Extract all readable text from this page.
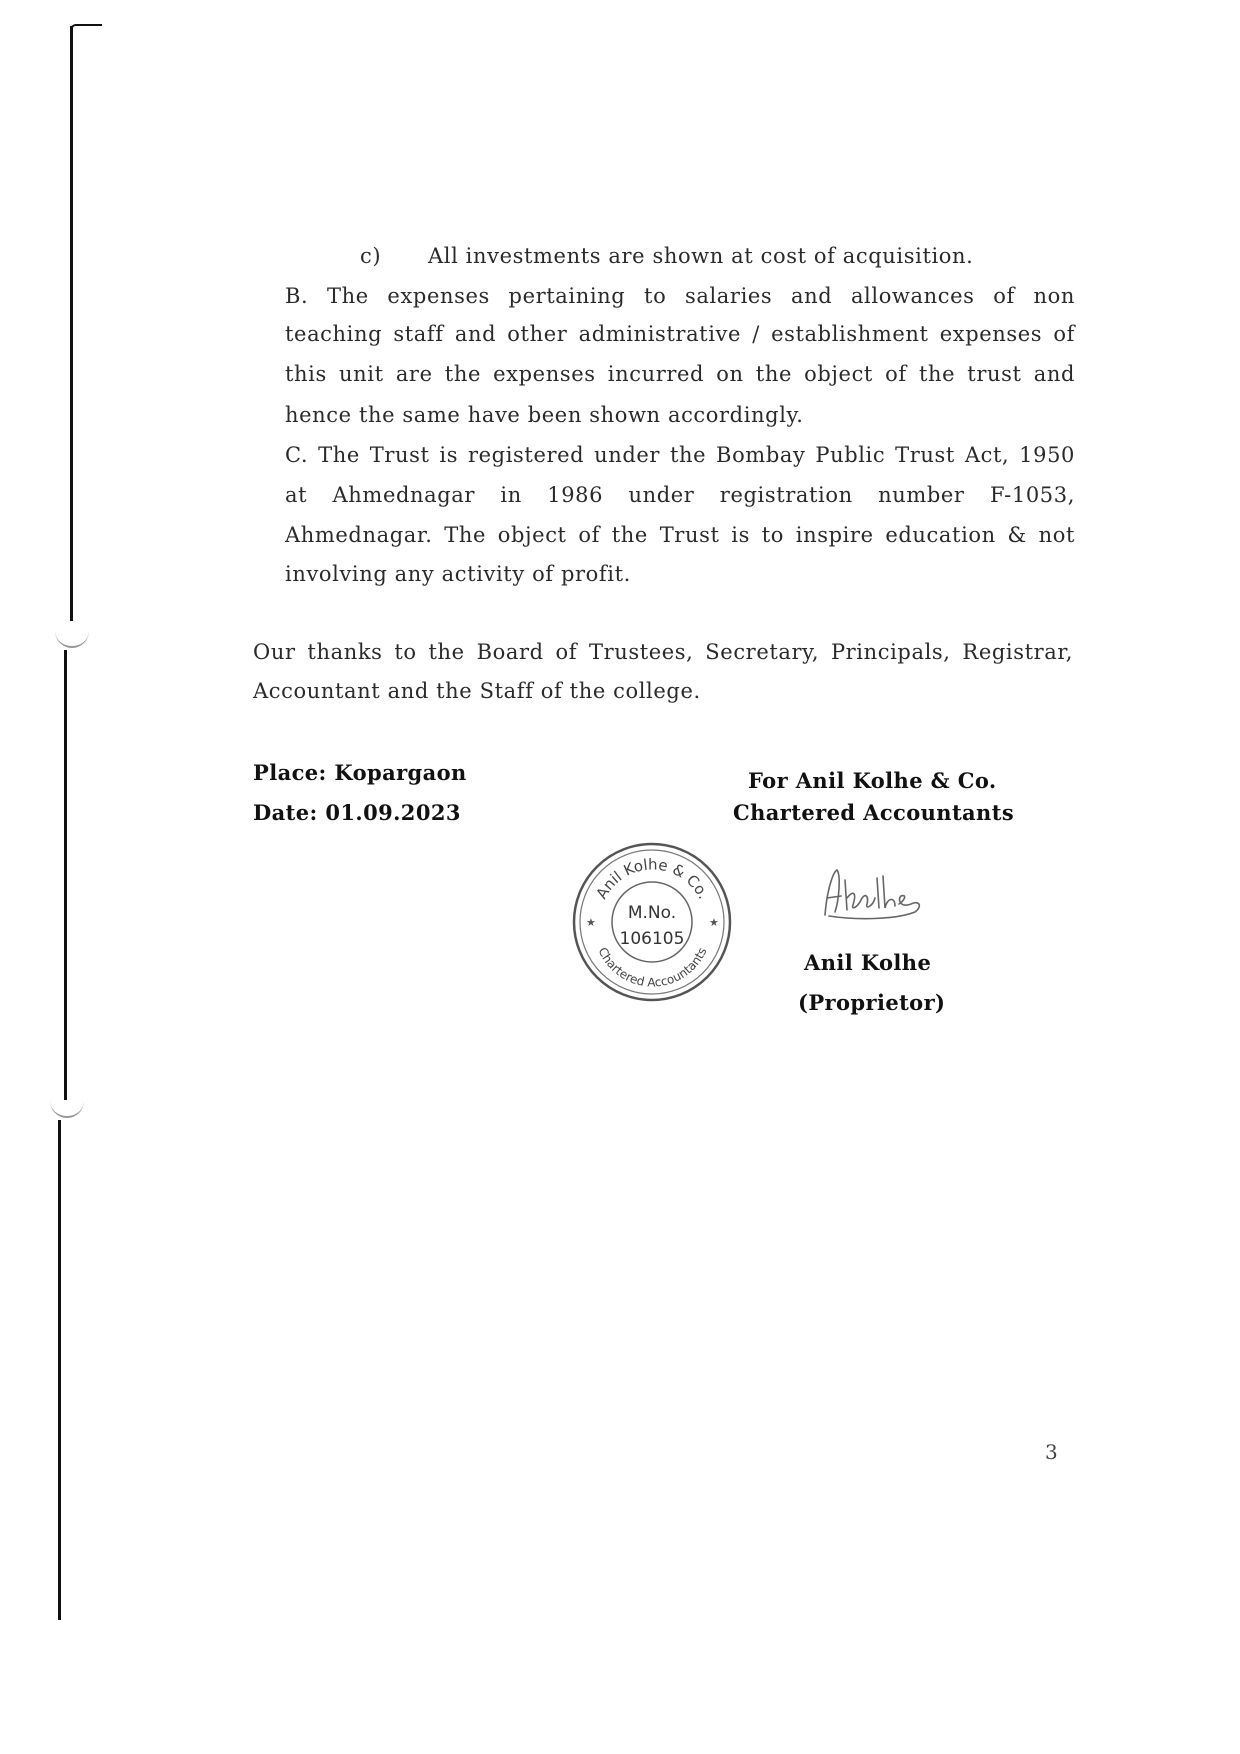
c) All investments are shown at cost of acquisition.
B. The expenses pertaining to salaries and allowances of non
teaching staff and other administrative / establishment expenses of
this unit are the expenses incurred on the object of the trust and
hence the same have been shown accordingly.
C. The Trust is registered under the Bombay Public Trust Act, 1950
at Ahmednagar in 1986 under registration number F-1053,
Ahmednagar. The object of the Trust is to inspire education & not
involving any activity of profit.
Our thanks to the Board of Trustees, Secretary, Principals, Registrar,
Accountant and the Staff of the college.
Place: Kopargaon
Date: 01.09.2023
For Anil Kolhe & Co.
Chartered Accountants
Anil Kolhe & Co.
Chartered Accountants
★	★
M.No.
106105
Anil Kolhe
(Proprietor)
3
